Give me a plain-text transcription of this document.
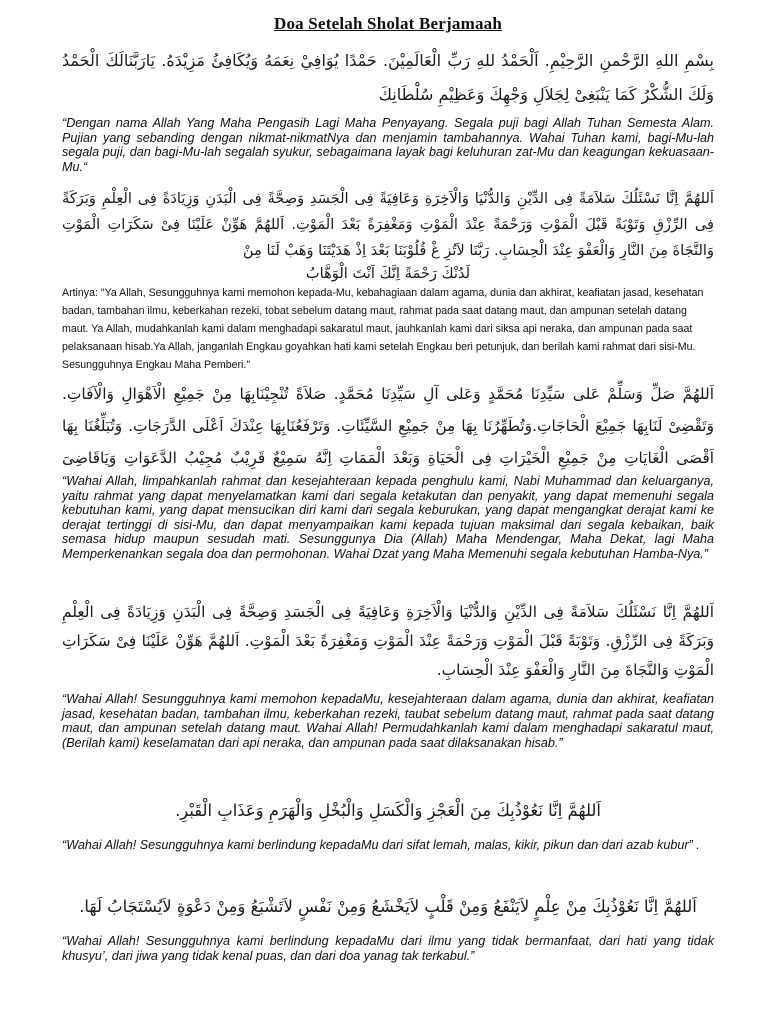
Doa Setelah Sholat Berjamaah
بِسْمِ اللهِ الرَّحْمنِ الرَّحِيْمِ. اَلْحَمْدُ للهِ رَبِّ الْعَالَمِيْنَ. حَمْدًا يُوَافِيْ نِعَمَهُ وَيُكَافِئُ مَزِيْدَهُ. يَارَبَّنَالَكَ الْحَمْدُ وَلَكَ الشُّكْرُ كَمَا يَنْبَغِىْ لِجَلاَلِ وَجْهِكَ وَعَظِيْمِ سُلْطَانِكَ

“Dengan nama Allah Yang Maha Pengasih Lagi Maha Penyayang. Segala puji bagi Allah Tuhan Semesta Alam. Pujian yang sebanding dengan nikmat-nikmatNya dan menjamin tambahannya. Wahai Tuhan kami, bagi-Mu-lah segala puji, dan bagi-Mu-lah segalah syukur, sebagaimana layak bagi keluhuran zat-Mu dan keagungan kekuasaan-Mu.“

اَللهُمَّ اِنَّا نَسْئَلُكَ سَلاَمَةً فِى الدِّيْنِ وَالدُّنْيَا وَالْاَخِرَةِ وَعَافِيَةً فِى الْجَسَدِ وَصِحَّةً فِى الْبَدَنِ وَزِيَادَةً فِى الْعِلْمِ وَبَرَكَةً فِى الرِّزْقِ وَتَوْبَةً قَبْلَ الْمَوْتِ وَرَحْمَةً عِنْدَ الْمَوْتِ وَمَغْفِرَةً بَعْدَ الْمَوْتِ. اَللهُمَّ هَوِّنْ عَلَيْنَا فِىْ سَكَرَاتِ الْمَوْتِ وَالنَّجَاةَ مِنَ النَّارِ وَالْعَفْوَ عِنْدَ الْحِسَابِ. رَبَّنَا لاَتُزِ غْ قُلُوْبَنَا بَعْدَ اِذْ هَدَيْتَنَا وَهَبْ لَنَا مِنْ
لَدُنْكَ رَحْمَةً اِنَّكَ اَنْتَ الْوَهَّابُ

Artinya: "Ya Allah, Sesungguhnya kami memohon kepada-Mu, kebahagiaan dalam agama, dunia dan akhirat, keafiatan jasad, kesehatan badan, tambahan ilmu, keberkahan rezeki, tobat sebelum datang maut, rahmat pada saat datang maut, dan ampunan setelah datang maut. Ya Allah, mudahkanlah kami dalam menghadapi sakaratul maut, jauhkanlah kami dari siksa api neraka, dan ampunan pada saat pelaksanaan hisab.Ya Allah, janganlah Engkau goyahkan hati kami setelah Engkau beri petunjuk, dan berilah kami rahmat dari sisi-Mu. Sesungguhnya Engkau Maha Pemberi."

اَللهُمَّ صَلِّ وَسَلِّمْ عَلى سَيِّدِنَا مُحَمَّدٍ وَعَلى آلِ سَيِّدِنَا مُحَمَّدٍ. صَلاَةً تُنْجِيْنَابِهَا مِنْ جَمِيْعِ الْاَهْوَالِ وَالْآفَاتِ. وَتَقْضِىْ لَنَابِهَا جَمِيْعَ الْحَاجَاتِ.وَتُطَهِّرُنَا بِهَا مِنْ جَمِيْعِ السَّيِّئَاتِ. وَتَرْفَعُنَابِهَا عِنْدَكَ اَعْلَى الدَّرَجَاتِ. وَتُبَلِّغُنَا بِهَا اَقْصَى الْغَايَاتِ مِنْ جَمِيْعِ الْخَيْرَاتِ فِى الْحَيَاةِ وَبَعْدَ الْمَمَاتِ اِنَّهُ سَمِيْعٌ قَرِيْبٌ مُجِيْبُ الدَّعَوَاتِ وَيَاقَاضِىَ

“Wahai Allah, limpahkanlah rahmat dan kesejahteraan kepada penghulu kami, Nabi Muhammad dan keluarganya, yaitu rahmat yang dapat menyelamatkan kami dari segala ketakutan dan penyakit, yang dapat memenuhi segala kebutuhan kami, yang dapat mensucikan diri kami dari segala keburukan, yang dapat mengangkat derajat kami ke derajat tertinggi di sisi-Mu, dan dapat menyampaikan kami kepada tujuan maksimal dari segala kebaikan, baik semasa hidup maupun sesudah mati. Sesunggunya Dia (Allah) Maha Mendengar, Maha Dekat, lagi Maha Memperkenankan segala doa dan permohonan. Wahai Dzat yang Maha Memenuhi segala kebutuhan Hamba-Nya.”

اَللهُمَّ اِنَّا نَسْئَلُكَ سَلاَمَةً فِى الدِّيْنِ وَالدُّنْيَا وَالْاَخِرَةِ وَعَافِيَةً فِى الْجَسَدِ وَصِحَّةً فِى الْبَدَنِ وَزِيَادَةً فِى الْعِلْمِ وَبَرَكَةً فِى الرِّزْقِ. وَتَوْبَةً قَبْلَ الْمَوْتِ وَرَحْمَةً عِنْدَ الْمَوْتِ وَمَغْفِرَةً بَعْدَ الْمَوْتِ. اَللهُمَّ هَوِّنْ عَلَيْنَا فِىْ سَكَرَاتِ الْمَوْتِ وَالنَّجَاةَ مِنَ النَّارِ وَالْعَفْوَ عِنْدَ الْحِسَابِ.

“Wahai Allah! Sesungguhnya kami memohon kepadaMu, kesejahteraan dalam agama, dunia dan akhirat, keafiatan jasad, kesehatan badan, tambahan ilmu, keberkahan rezeki, taubat sebelum datang maut, rahmat pada saat datang maut, dan ampunan setelah datang maut. Wahai Allah! Permudahkanlah kami dalam menghadapi sakaratul maut, (Berilah kami) keselamatan dari api neraka, dan ampunan pada saat dilaksanakan hisab.”

اَللهُمَّ اِنَّا نَعُوْذُبِكَ مِنَ الْعَجْزِ وَالْكَسَلِ وَالْبُخْلِ وَالْهَرَمِ وَعَذَابِ الْقَبْرِ.

“Wahai Allah! Sesungguhnya kami berlindung kepadaMu dari sifat lemah, malas, kikir, pikun dan dari azab kubur” .

اَللهُمَّ اِنَّا نَعُوْذُبِكَ مِنْ عِلْمٍ لاَيَنْفَعُ وَمِنْ قَلْبٍ لاَيَخْشَعُ وَمِنْ نَفْسٍ لاَتَشْبَعُ وَمِنْ دَعْوَةٍ لاَيُسْتَجَابُ لَهَا.

“Wahai Allah! Sesungguhnya kami berlindung kepadaMu dari ilmu yang tidak bermanfaat, dari hati yang tidak khusyu’, dari jiwa yang tidak kenal puas, dan dari doa yanag tak terkabul.”
